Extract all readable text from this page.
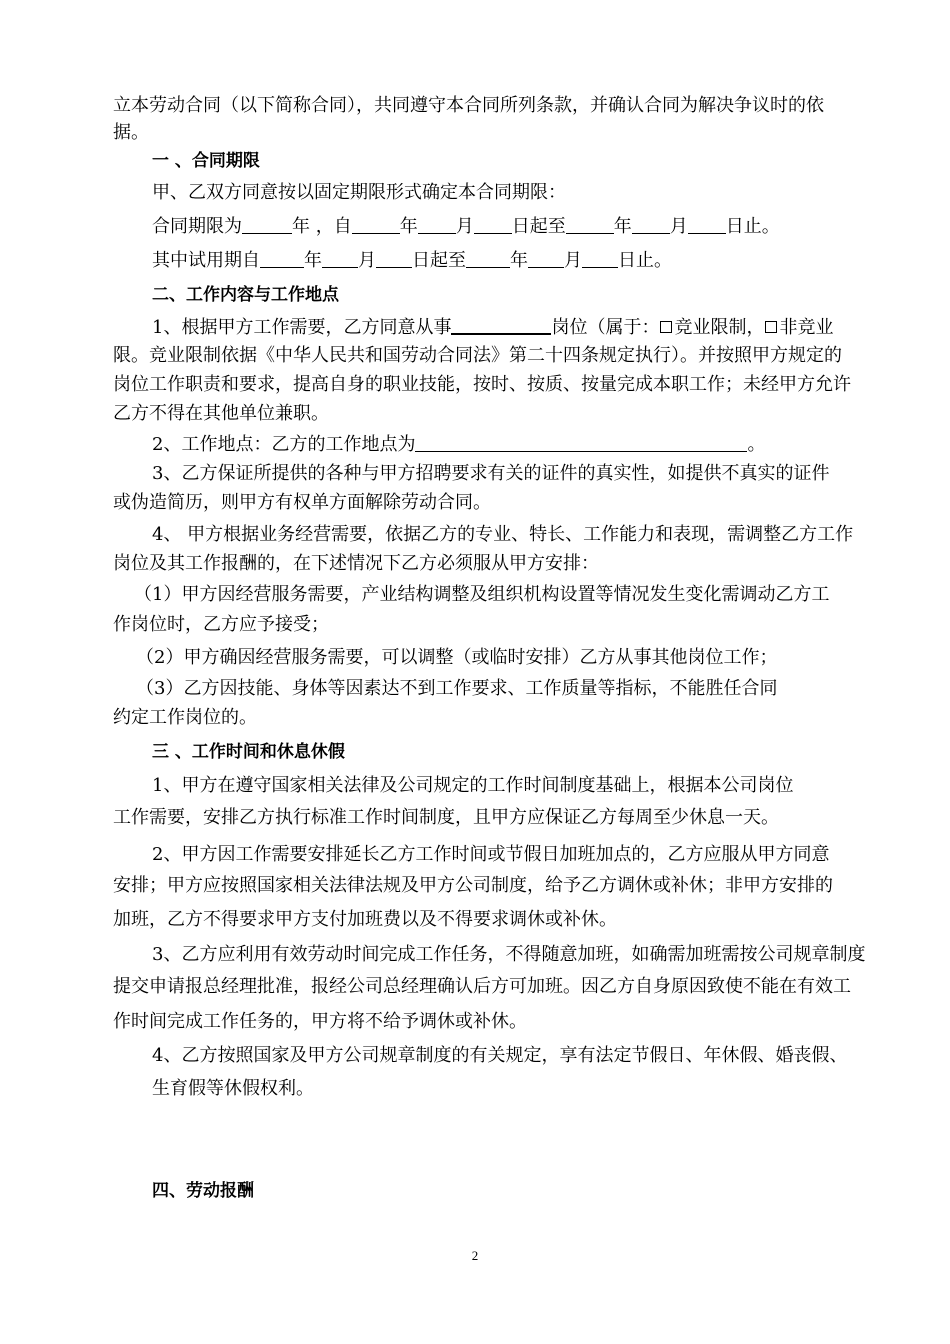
立本劳动合同（以下简称合同），共同遵守本合同所列条款，并确认合同为解决争议时的依
据。
一 、合同期限
甲、乙双方同意按以固定期限形式确定本合同期限：
合同期限为	年 ，自	年 月 日起至	年 月 日止。
其中试用期自 年 月 日起至 年 月 日止。
二、工作内容与工作地点
1、根据甲方工作需要，乙方同意从事	岗位（属于： 竞业限制， 非竞业
限。竞业限制依据《中华人民共和国劳动合同法》第二十四条规定执行）。并按照甲方规定的
岗位工作职责和要求，提高自身的职业技能，按时、按质、按量完成本职工作；未经甲方允许
乙方不得在其他单位兼职。
2、工作地点：乙方的工作地点为	。
3、乙方保证所提供的各种与甲方招聘要求有关的证件的真实性，如提供不真实的证件
或伪造简历，则甲方有权单方面解除劳动合同。
4、 甲方根据业务经营需要，依据乙方的专业、特长、工作能力和表现，需调整乙方工作
岗位及其工作报酬的，在下述情况下乙方必须服从甲方安排：
（1）甲方因经营服务需要，产业结构调整及组织机构设置等情况发生变化需调动乙方工
作岗位时，乙方应予接受；
（2）甲方确因经营服务需要，可以调整（或临时安排）乙方从事其他岗位工作；
（3）乙方因技能、身体等因素达不到工作要求、工作质量等指标，不能胜任合同
约定工作岗位的。
三 、工作时间和休息休假
1、甲方在遵守国家相关法律及公司规定的工作时间制度基础上，根据本公司岗位
工作需要，安排乙方执行标准工作时间制度，且甲方应保证乙方每周至少休息一天。
2、甲方因工作需要安排延长乙方工作时间或节假日加班加点的，乙方应服从甲方同意
安排；甲方应按照国家相关法律法规及甲方公司制度，给予乙方调休或补休；非甲方安排的
加班，乙方不得要求甲方支付加班费以及不得要求调休或补休。
3、乙方应利用有效劳动时间完成工作任务，不得随意加班，如确需加班需按公司规章制度
提交申请报总经理批准，报经公司总经理确认后方可加班。因乙方自身原因致使不能在有效工
作时间完成工作任务的，甲方将不给予调休或补休。
4、乙方按照国家及甲方公司规章制度的有关规定，享有法定节假日、年休假、婚丧假、
生育假等休假权利。
四、劳动报酬
2
